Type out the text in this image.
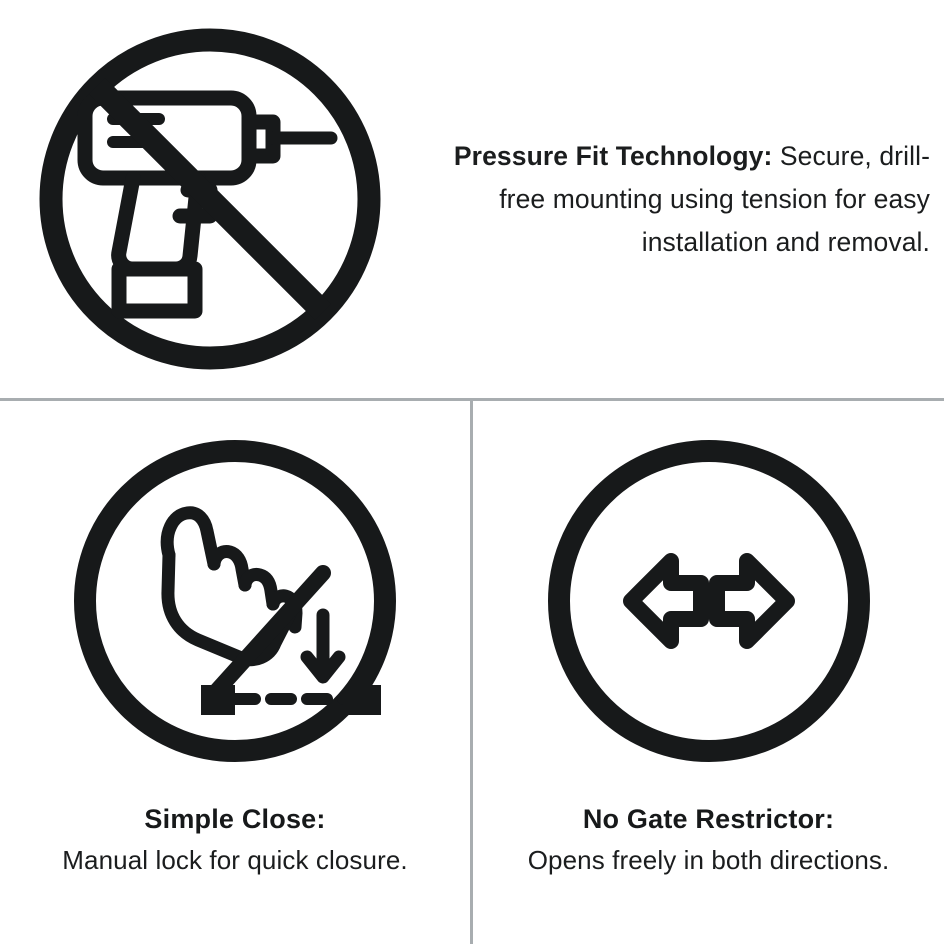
Pressure Fit Technology: Secure, drill-free mounting using tension for easy installation and removal.

Simple Close:
Manual lock for quick closure.
No Gate Restrictor:
Opens freely in both directions.
